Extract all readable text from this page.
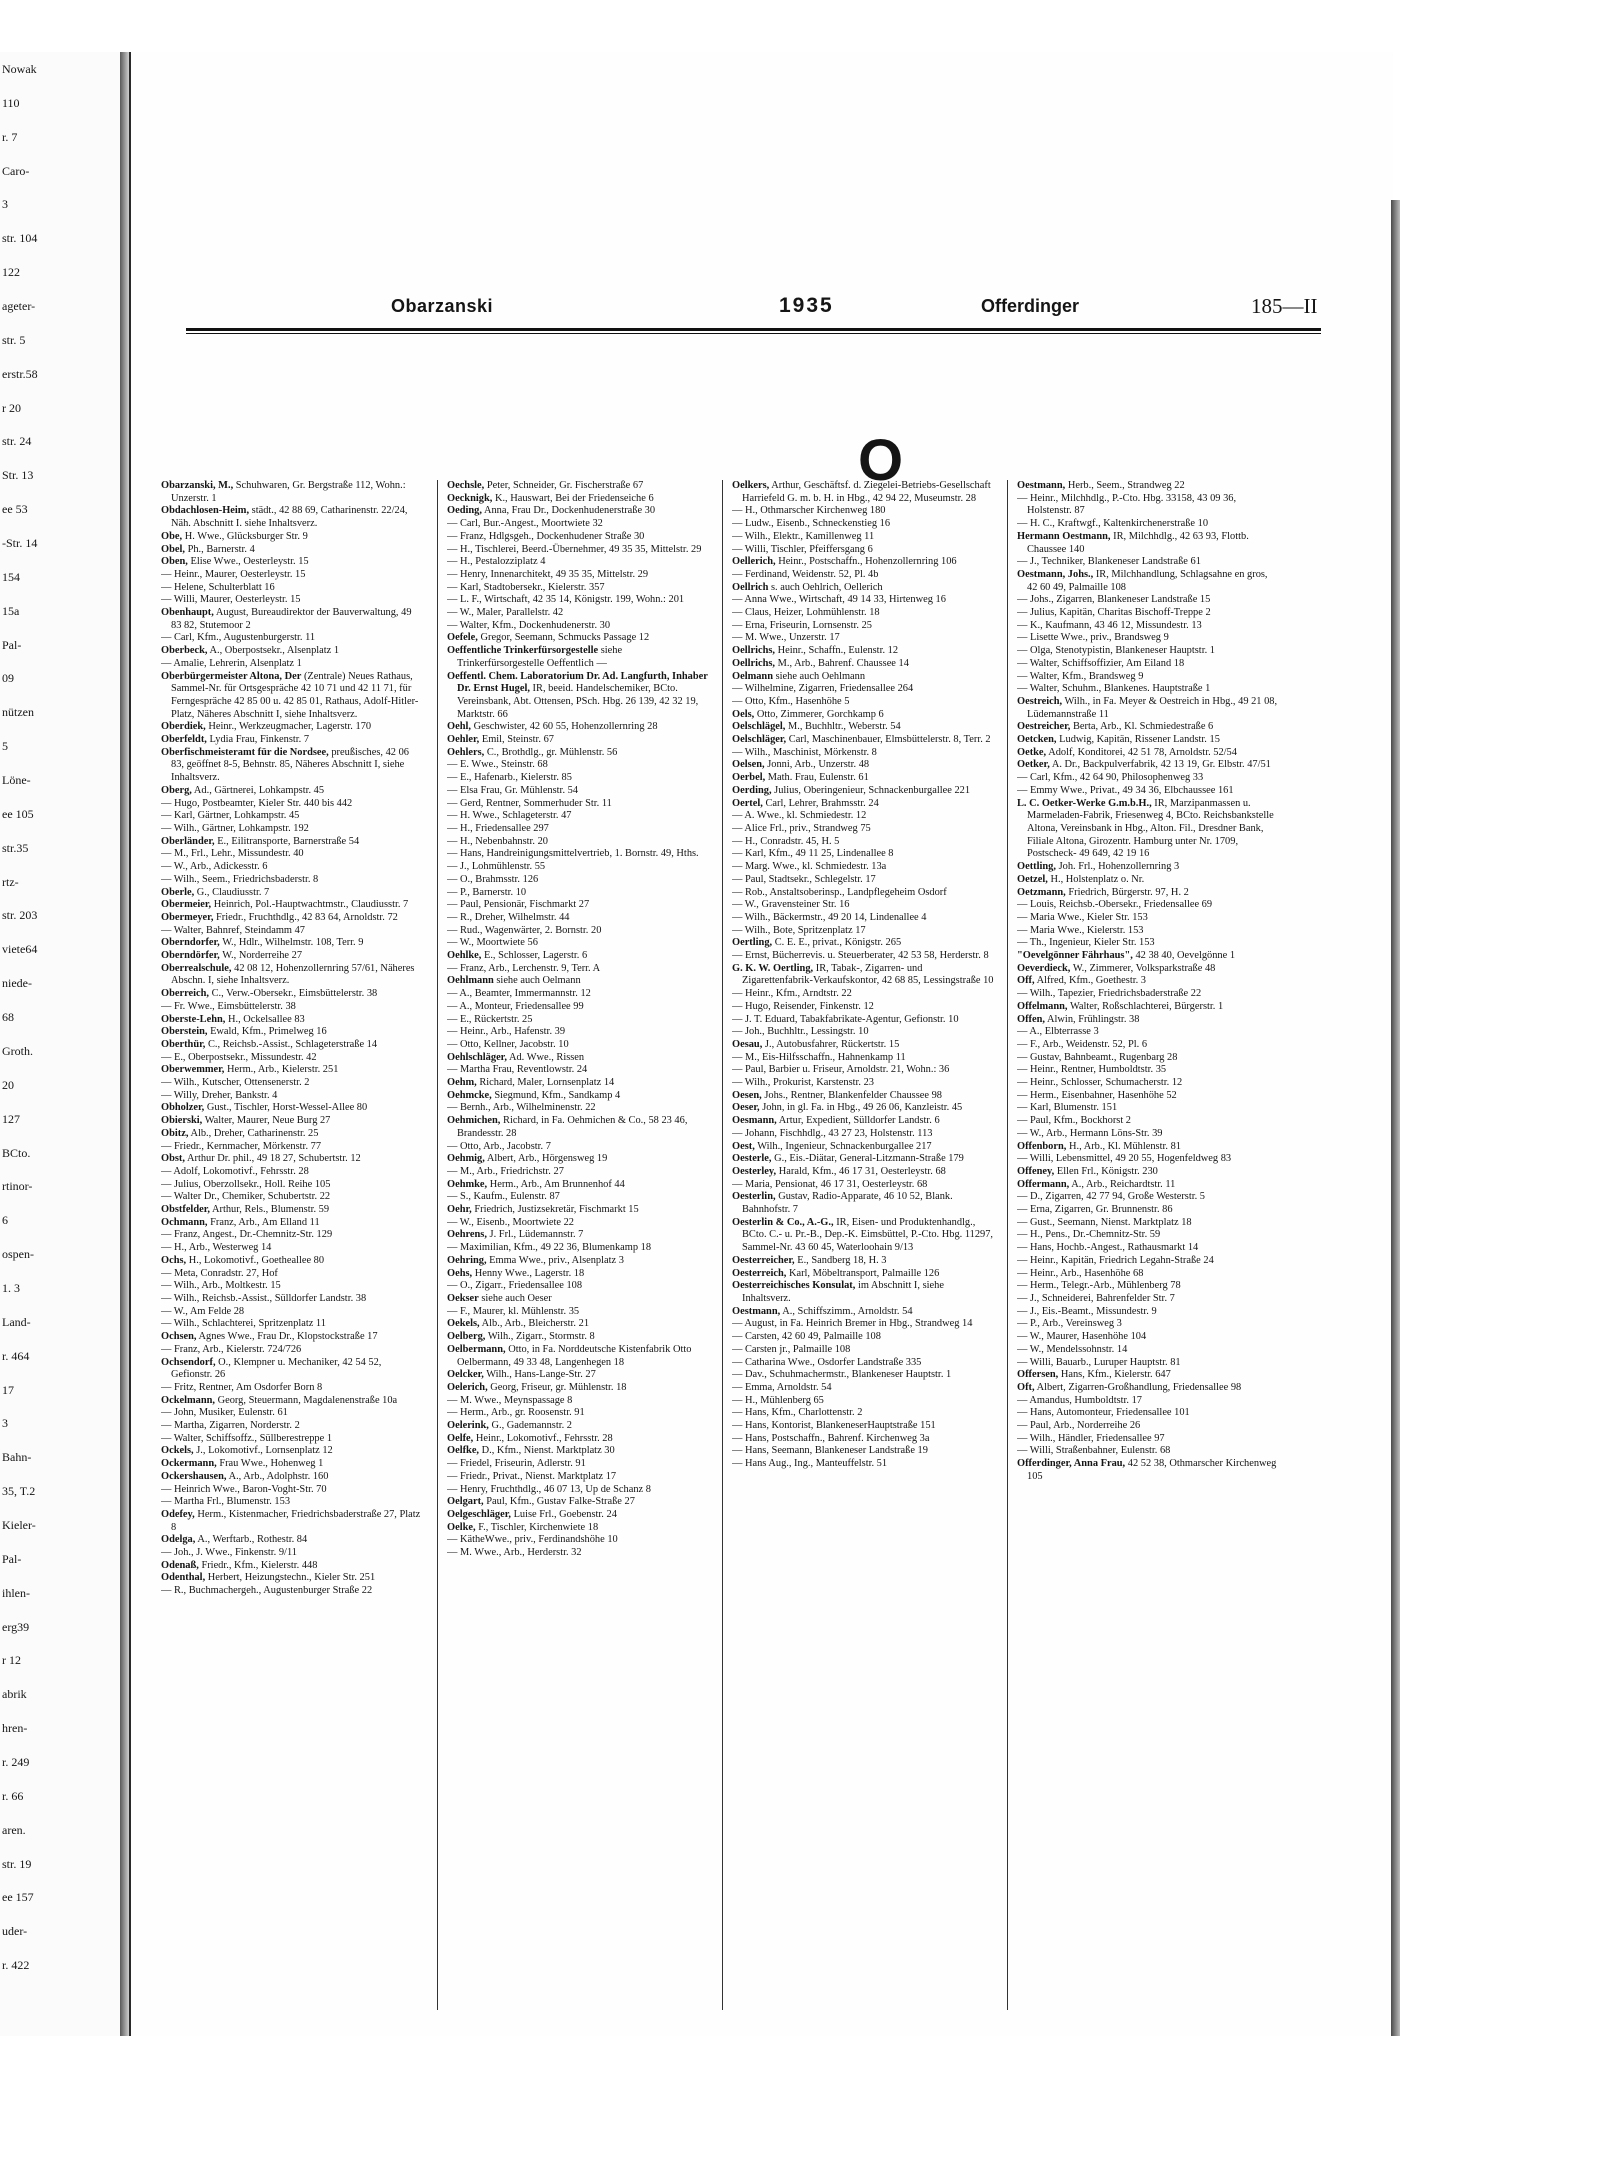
Nowak
110
r. 7
Caro-
3
str. 104
122
ageter-
str. 5
erstr.58
r 20
str. 24
Str. 13
ee 53
-Str. 14
154
15a
Pal-
09
nützen
5
Löne-
ee 105
str.35
rtz-
str. 203
viete64
niede-
68
Groth.
20
127
BCto.
rtinor-
6
ospen-
1. 3
Land-
r. 464
17
3
Bahn-
35, T.2
Kieler-
Pal-
ihlen-
erg39
r 12
abrik
hren-
r. 249
r. 66
aren.
str. 19
ee 157
uder-
r. 422
Obarzanski	1935	Offerdinger	185—II
O

Obarzanski, M., Schuhwaren, Gr. Bergstraße 112, Wohn.: Unzerstr. 1

Obdachlosen-Heim, städt., 42 88 69, Catharinenstr. 22/24, Näh. Abschnitt I. siehe Inhaltsverz.

Obe, H. Wwe., Glücksburger Str. 9

Obel, Ph., Barnerstr. 4

Oben, Elise Wwe., Oesterleystr. 15

— Heinr., Maurer, Oesterleystr. 15

— Helene, Schulterblatt 16

— Willi, Maurer, Oesterleystr. 15

Obenhaupt, August, Bureaudirektor der Bauverwaltung, 49 83 82, Stutemoor 2

— Carl, Kfm., Augustenburgerstr. 11

Oberbeck, A., Oberpostsekr., Alsenplatz 1

— Amalie, Lehrerin, Alsenplatz 1

Oberbürgermeister Altona, Der (Zentrale) Neues Rathaus, Sammel-Nr. für Ortsgespräche 42 10 71 und 42 11 71, für Ferngespräche 42 85 00 u. 42 85 01, Rathaus, Adolf-Hitler-Platz, Näheres Abschnitt I, siehe Inhaltsverz.

Oberdiek, Heinr., Werkzeugmacher, Lagerstr. 170

Oberfeldt, Lydia Frau, Finkenstr. 7

Oberfischmeisteramt für die Nordsee, preußisches, 42 06 83, geöffnet 8-5, Behnstr. 85, Näheres Abschnitt I, siehe Inhaltsverz.

Oberg, Ad., Gärtnerei, Lohkampstr. 45

— Hugo, Postbeamter, Kieler Str. 440 bis 442

— Karl, Gärtner, Lohkampstr. 45

— Wilh., Gärtner, Lohkampstr. 192

Oberländer, E., Eilitransporte, Barnerstraße 54

— M., Frl., Lehr., Missundestr. 40

— W., Arb., Adickesstr. 6

— Wilh., Seem., Friedrichsbaderstr. 8

Oberle, G., Claudiusstr. 7

Obermeier, Heinrich, Pol.-Hauptwachtmstr., Claudiusstr. 7

Obermeyer, Friedr., Fruchthdlg., 42 83 64, Arnoldstr. 72

— Walter, Bahnref, Steindamm 47

Oberndorfer, W., Hdlr., Wilhelmstr. 108, Terr. 9

Oberndörfer, W., Norderreihe 27

Oberrealschule, 42 08 12, Hohenzollernring 57/61, Näheres Abschn. I, siehe Inhaltsverz.

Oberreich, C., Verw.-Obersekr., Eimsbüttelerstr. 38

— Fr. Wwe., Eimsbüttelerstr. 38

Oberste-Lehn, H., Ockelsallee 83

Oberstein, Ewald, Kfm., Primelweg 16

Oberthür, C., Reichsb.-Assist., Schlageterstraße 14

— E., Oberpostsekr., Missundestr. 42

Oberwemmer, Herm., Arb., Kielerstr. 251

— Wilh., Kutscher, Ottensenerstr. 2

— Willy, Dreher, Bankstr. 4

Obholzer, Gust., Tischler, Horst-Wessel-Allee 80

Obierski, Walter, Maurer, Neue Burg 27

Obitz, Alb., Dreher, Catharinenstr. 25

— Friedr., Kernmacher, Mörkenstr. 77

Obst, Arthur Dr. phil., 49 18 27, Schubertstr. 12

— Adolf, Lokomotivf., Fehrsstr. 28

— Julius, Oberzollsekr., Holl. Reihe 105

— Walter Dr., Chemiker, Schubertstr. 22

Obstfelder, Arthur, Rels., Blumenstr. 59

Ochmann, Franz, Arb., Am Elland 11

— Franz, Angest., Dr.-Chemnitz-Str. 129

— H., Arb., Westerweg 14

Ochs, H., Lokomotivf., Goetheallee 80

— Meta, Conradstr. 27, Hof

— Wilh., Arb., Moltkestr. 15

— Wilh., Reichsb.-Assist., Sülldorfer Landstr. 38

— W., Am Felde 28

— Wilh., Schlachterei, Spritzenplatz 11

Ochsen, Agnes Wwe., Frau Dr., Klopstockstraße 17

— Franz, Arb., Kielerstr. 724/726

Ochsendorf, O., Klempner u. Mechaniker, 42 54 52, Gefionstr. 26

— Fritz, Rentner, Am Osdorfer Born 8

Ockelmann, Georg, Steuermann, Magdalenenstraße 10a

— John, Musiker, Eulenstr. 61

— Martha, Zigarren, Norderstr. 2

— Walter, Schiffsoffz., Süllberestreppe 1

Ockels, J., Lokomotivf., Lornsenplatz 12

Ockermann, Frau Wwe., Hohenweg 1

Ockershausen, A., Arb., Adolphstr. 160

— Heinrich Wwe., Baron-Voght-Str. 70

— Martha Frl., Blumenstr. 153

Odefey, Herm., Kistenmacher, Friedrichsbaderstraße 27, Platz 8

Odelga, A., Werftarb., Rothestr. 84

— Joh., J. Wwe., Finkenstr. 9/11

Odenaß, Friedr., Kfm., Kielerstr. 448

Odenthal, Herbert, Heizungstechn., Kieler Str. 251

— R., Buchmachergeh., Augustenburger Straße 22

Oechsle, Peter, Schneider, Gr. Fischerstraße 67

Oecknigk, K., Hauswart, Bei der Friedenseiche 6

Oeding, Anna, Frau Dr., Dockenhudenerstraße 30

— Carl, Bur.-Angest., Moortwiete 32

— Franz, Hdlgsgeh., Dockenhudener Straße 30

— H., Tischlerei, Beerd.-Übernehmer, 49 35 35, Mittelstr. 29

— H., Pestalozziplatz 4

— Henry, Innenarchitekt, 49 35 35, Mittelstr. 29

— Karl, Stadtobersekr., Kielerstr. 357

— L. F., Wirtschaft, 42 35 14, Königstr. 199, Wohn.: 201

— W., Maler, Parallelstr. 42

— Walter, Kfm., Dockenhudenerstr. 30

Oefele, Gregor, Seemann, Schmucks Passage 12

Oeffentliche Trinkerfürsorgestelle siehe Trinkerfürsorgestelle Oeffentlich —

Oeffentl. Chem. Laboratorium Dr. Ad. Langfurth, Inhaber Dr. Ernst Hugel, IR, beeid. Handelschemiker, BCto. Vereinsbank, Abt. Ottensen, PSch. Hbg. 26 139, 42 32 19, Marktstr. 66

Oehl, Geschwister, 42 60 55, Hohenzollernring 28

Oehler, Emil, Steinstr. 67

Oehlers, C., Brothdlg., gr. Mühlenstr. 56

— E. Wwe., Steinstr. 68

— E., Hafenarb., Kielerstr. 85

— Elsa Frau, Gr. Mühlenstr. 54

— Gerd, Rentner, Sommerhuder Str. 11

— H. Wwe., Schlageterstr. 47

— H., Friedensallee 297

— H., Nebenbahnstr. 20

— Hans, Handreinigungsmittelvertrieb, 1. Bornstr. 49, Hths.

— J., Lohmühlenstr. 55

— O., Brahmsstr. 126

— P., Barnerstr. 10

— Paul, Pensionär, Fischmarkt 27

— R., Dreher, Wilhelmstr. 44

— Rud., Wagenwärter, 2. Bornstr. 20

— W., Moortwiete 56

Oehlke, E., Schlosser, Lagerstr. 6

— Franz, Arb., Lerchenstr. 9, Terr. A

Oehlmann siehe auch Oelmann

— A., Beamter, Immermannstr. 12

— A., Monteur, Friedensallee 99

— E., Rückertstr. 25

— Heinr., Arb., Hafenstr. 39

— Otto, Kellner, Jacobstr. 10

Oehlschläger, Ad. Wwe., Rissen

— Martha Frau, Reventlowstr. 24

Oehm, Richard, Maler, Lornsenplatz 14

Oehmcke, Siegmund, Kfm., Sandkamp 4

— Bernh., Arb., Wilhelminenstr. 22

Oehmichen, Richard, in Fa. Oehmichen & Co., 58 23 46, Brandesstr. 28

— Otto, Arb., Jacobstr. 7

Oehmig, Albert, Arb., Hörgensweg 19

— M., Arb., Friedrichstr. 27

Oehmke, Herm., Arb., Am Brunnenhof 44

— S., Kaufm., Eulenstr. 87

Oehr, Friedrich, Justizsekretär, Fischmarkt 15

— W., Eisenb., Moortwiete 22

Oehrens, J. Frl., Lüdemannstr. 7

— Maximilian, Kfm., 49 22 36, Blumenkamp 18

Oehring, Emma Wwe., priv., Alsenplatz 3

Oehs, Henny Wwe., Lagerstr. 18

— O., Zigarr., Friedensallee 108

Oekser siehe auch Oeser

— F., Maurer, kl. Mühlenstr. 35

Oekels, Alb., Arb., Bleicherstr. 21

Oelberg, Wilh., Zigarr., Stormstr. 8

Oelbermann, Otto, in Fa. Norddeutsche Kistenfabrik Otto Oelbermann, 49 33 48, Langenhegen 18

Oelcker, Wilh., Hans-Lange-Str. 27

Oelerich, Georg, Friseur, gr. Mühlenstr. 18

— M. Wwe., Meynspassage 8

— Herm., Arb., gr. Roosenstr. 91

Oelerink, G., Gademannstr. 2

Oelfe, Heinr., Lokomotivf., Fehrsstr. 28

Oelfke, D., Kfm., Nienst. Marktplatz 30

— Friedel, Friseurin, Adlerstr. 91

— Friedr., Privat., Nienst. Marktplatz 17

— Henry, Fruchthdlg., 46 07 13, Up de Schanz 8

Oelgart, Paul, Kfm., Gustav Falke-Straße 27

Oelgeschläger, Luise Frl., Goebenstr. 24

Oelke, F., Tischler, Kirchenwiete 18

— KätheWwe., priv., Ferdinandshöhe 10

— M. Wwe., Arb., Herderstr. 32

Oelkers, Arthur, Geschäftsf. d. Ziegelei-Betriebs-Gesellschaft Harriefeld G. m. b. H. in Hbg., 42 94 22, Museumstr. 28

— H., Othmarscher Kirchenweg 180

— Ludw., Eisenb., Schneckenstieg 16

— Wilh., Elektr., Kamillenweg 11

— Willi, Tischler, Pfeiffersgang 6

Oellerich, Heinr., Postschaffn., Hohenzollernring 106

— Ferdinand, Weidenstr. 52, Pl. 4b

Oellrich s. auch Oehlrich, Oellerich

— Anna Wwe., Wirtschaft, 49 14 33, Hirtenweg 16

— Claus, Heizer, Lohmühlenstr. 18

— Erna, Friseurin, Lornsenstr. 25

— M. Wwe., Unzerstr. 17

Oellrichs, Heinr., Schaffn., Eulenstr. 12

Oellrichs, M., Arb., Bahrenf. Chaussee 14

Oelmann siehe auch Oehlmann

— Wilhelmine, Zigarren, Friedensallee 264

— Otto, Kfm., Hasenhöhe 5

Oels, Otto, Zimmerer, Gorchkamp 6

Oelschlägel, M., Buchhltr., Weberstr. 54

Oelschläger, Carl, Maschinenbauer, Elmsbüttelerstr. 8, Terr. 2

— Wilh., Maschinist, Mörkenstr. 8

Oelsen, Jonni, Arb., Unzerstr. 48

Oerbel, Math. Frau, Eulenstr. 61

Oerding, Julius, Oberingenieur, Schnackenburgallee 221

Oertel, Carl, Lehrer, Brahmsstr. 24

— A. Wwe., kl. Schmiedestr. 12

— Alice Frl., priv., Strandweg 75

— H., Conradstr. 45, H. 5

— Karl, Kfm., 49 11 25, Lindenallee 8

— Marg. Wwe., kl. Schmiedestr. 13a

— Paul, Stadtsekr., Schlegelstr. 17

— Rob., Anstaltsoberinsp., Landpflegeheim Osdorf

— W., Gravensteiner Str. 16

— Wilh., Bäckermstr., 49 20 14, Lindenallee 4

— Wilh., Bote, Spritzenplatz 17

Oertling, C. E. E., privat., Königstr. 265

— Ernst, Bücherrevis. u. Steuerberater, 42 53 58, Herderstr. 8

G. K. W. Oertling, IR, Tabak-, Zigarren- und Zigarettenfabrik-Verkaufskontor, 42 68 85, Lessingstraße 10

— Heinr., Kfm., Arndtstr. 22

— Hugo, Reisender, Finkenstr. 12

— J. T. Eduard, Tabakfabrikate-Agentur, Gefionstr. 10

— Joh., Buchhltr., Lessingstr. 10

Oesau, J., Autobusfahrer, Rückertstr. 15

— M., Eis-Hilfsschaffn., Hahnenkamp 11

— Paul, Barbier u. Friseur, Arnoldstr. 21, Wohn.: 36

— Wilh., Prokurist, Karstenstr. 23

Oesen, Johs., Rentner, Blankenfelder Chaussee 98

Oeser, John, in gl. Fa. in Hbg., 49 26 06, Kanzleistr. 45

Oesmann, Artur, Expedient, Sülldorfer Landstr. 6

— Johann, Fischhdlg., 43 27 23, Holstenstr. 113

Oest, Wilh., Ingenieur, Schnackenburgallee 217

Oesterle, G., Eis.-Diätar, General-Litzmann-Straße 179

Oesterley, Harald, Kfm., 46 17 31, Oesterleystr. 68

— Maria, Pensionat, 46 17 31, Oesterleystr. 68

Oesterlin, Gustav, Radio-Apparate, 46 10 52, Blank. Bahnhofstr. 7

Oesterlin & Co., A.-G., IR, Eisen- und Produktenhandlg., BCto. C.- u. Pr.-B., Dep.-K. Eimsbüttel, P.-Cto. Hbg. 11297, Sammel-Nr. 43 60 45, Waterloohain 9/13

Oesterreicher, E., Sandberg 18, H. 3

Oesterreich, Karl, Möbeltransport, Palmaille 126

Oesterreichisches Konsulat, im Abschnitt I, siehe Inhaltsverz.

Oestmann, A., Schiffszimm., Arnoldstr. 54

— August, in Fa. Heinrich Bremer in Hbg., Strandweg 14

— Carsten, 42 60 49, Palmaille 108

— Carsten jr., Palmaille 108

— Catharina Wwe., Osdorfer Landstraße 335

— Dav., Schuhmachermstr., Blankeneser Hauptstr. 1

— Emma, Arnoldstr. 54

— H., Mühlenberg 65

— Hans, Kfm., Charlottenstr. 2

— Hans, Kontorist, BlankeneserHauptstraße 151

— Hans, Postschaffn., Bahrenf. Kirchenweg 3a

— Hans, Seemann, Blankeneser Landstraße 19

— Hans Aug., Ing., Manteuffelstr. 51

Oestmann, Herb., Seem., Strandweg 22

— Heinr., Milchhdlg., P.-Cto. Hbg. 33158, 43 09 36, Holstenstr. 87

— H. C., Kraftwgf., Kaltenkirchenerstraße 10

Hermann Oestmann, IR, Milchhdlg., 42 63 93, Flottb. Chaussee 140

— J., Techniker, Blankeneser Landstraße 61

Oestmann, Johs., IR, Milchhandlung, Schlagsahne en gros, 42 60 49, Palmaille 108

— Johs., Zigarren, Blankeneser Landstraße 15

— Julius, Kapitän, Charitas Bischoff-Treppe 2

— K., Kaufmann, 43 46 12, Missundestr. 13

— Lisette Wwe., priv., Brandsweg 9

— Olga, Stenotypistin, Blankeneser Hauptstr. 1

— Walter, Schiffsoffizier, Am Eiland 18

— Walter, Kfm., Brandsweg 9

— Walter, Schuhm., Blankenes. Hauptstraße 1

Oestreich, Wilh., in Fa. Meyer & Oestreich in Hbg., 49 21 08, Lüdemannstraße 11

Oestreicher, Berta, Arb., Kl. Schmiedestraße 6

Oetcken, Ludwig, Kapitän, Rissener Landstr. 15

Oetke, Adolf, Konditorei, 42 51 78, Arnoldstr. 52/54

Oetker, A. Dr., Backpulverfabrik, 42 13 19, Gr. Elbstr. 47/51

— Carl, Kfm., 42 64 90, Philosophenweg 33

— Emmy Wwe., Privat., 49 34 36, Elbchaussee 161

L. C. Oetker-Werke G.m.b.H., IR, Marzipanmassen u. Marmeladen-Fabrik, Friesenweg 4, BCto. Reichsbankstelle Altona, Vereinsbank in Hbg., Alton. Fil., Dresdner Bank, Filiale Altona, Girozentr. Hamburg unter Nr. 1709, Postscheck- 49 649, 42 19 16

Oettling, Joh. Frl., Hohenzollernring 3

Oetzel, H., Holstenplatz o. Nr.

Oetzmann, Friedrich, Bürgerstr. 97, H. 2

— Louis, Reichsb.-Obersekr., Friedensallee 69

— Maria Wwe., Kieler Str. 153

— Maria Wwe., Kielerstr. 153

— Th., Ingenieur, Kieler Str. 153

"Oevelgönner Fährhaus", 42 38 40, Oevelgönne 1

Oeverdieck, W., Zimmerer, Volksparkstraße 48

Off, Alfred, Kfm., Goethestr. 3

— Wilh., Tapezier, Friedrichsbaderstraße 22

Offelmann, Walter, Roßschlachterei, Bürgerstr. 1

Offen, Alwin, Frühlingstr. 38

— A., Elbterrasse 3

— F., Arb., Weidenstr. 52, Pl. 6

— Gustav, Bahnbeamt., Rugenbarg 28

— Heinr., Rentner, Humboldtstr. 35

— Heinr., Schlosser, Schumacherstr. 12

— Herm., Eisenbahner, Hasenhöhe 52

— Karl, Blumenstr. 151

— Paul, Kfm., Bockhorst 2

— W., Arb., Hermann Löns-Str. 39

Offenborn, H., Arb., Kl. Mühlenstr. 81

— Willi, Lebensmittel, 49 20 55, Hogenfeldweg 83

Offeney, Ellen Frl., Königstr. 230

Offermann, A., Arb., Reichardtstr. 11

— D., Zigarren, 42 77 94, Große Westerstr. 5

— Erna, Zigarren, Gr. Brunnenstr. 86

— Gust., Seemann, Nienst. Marktplatz 18

— H., Pens., Dr.-Chemnitz-Str. 59

— Hans, Hochb.-Angest., Rathausmarkt 14

— Heinr., Kapitän, Friedrich Legahn-Straße 24

— Heinr., Arb., Hasenhöhe 68

— Herm., Telegr.-Arb., Mühlenberg 78

— J., Schneiderei, Bahrenfelder Str. 7

— J., Eis.-Beamt., Missundestr. 9

— P., Arb., Vereinsweg 3

— W., Maurer, Hasenhöhe 104

— W., Mendelssohnstr. 14

— Willi, Bauarb., Luruper Hauptstr. 81

Offersen, Hans, Kfm., Kielerstr. 647

Oft, Albert, Zigarren-Großhandlung, Friedensallee 98

— Amandus, Humboldtstr. 17

— Hans, Automonteur, Friedensallee 101

— Paul, Arb., Norderreihe 26

— Wilh., Händler, Friedensallee 97

— Willi, Straßenbahner, Eulenstr. 68

Offerdinger, Anna Frau, 42 52 38, Othmarscher Kirchenweg 105
